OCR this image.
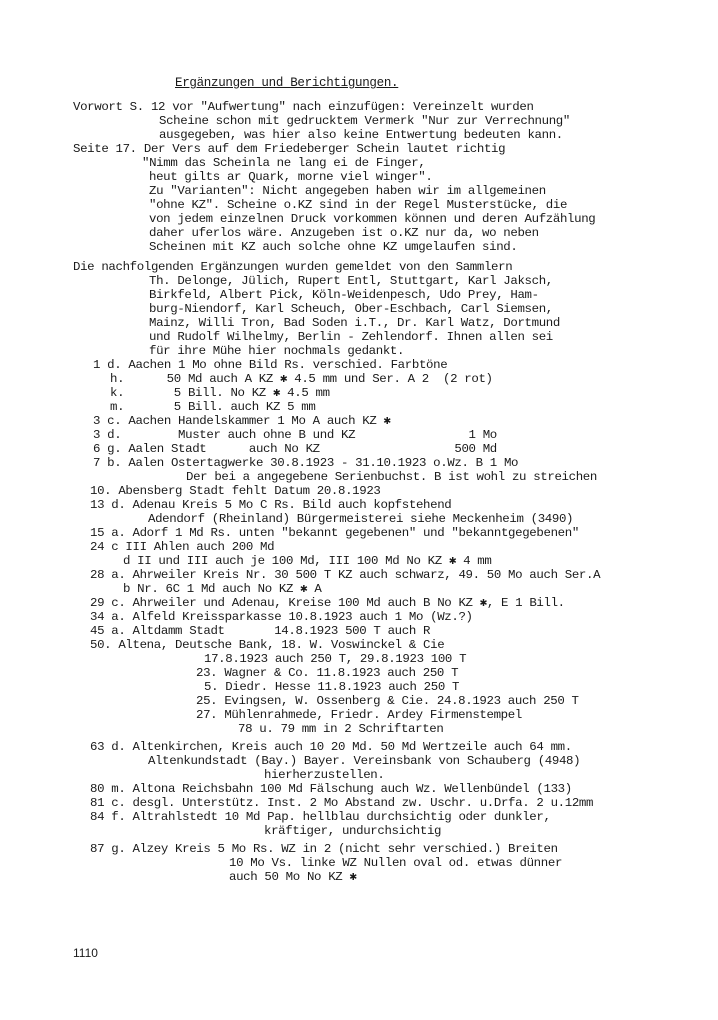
Ergänzungen und Berichtigungen.
Vorwort S. 12 vor "Aufwertung" nach einzufügen: Vereinzelt wurden
Scheine schon mit gedrucktem Vermerk "Nur zur Verrechnung"
ausgegeben, was hier also keine Entwertung bedeuten kann.
Seite 17. Der Vers auf dem Friedeberger Schein lautet richtig
"Nimm das Scheinla ne lang ei de Finger,
heut gilts ar Quark, morne viel winger".
Zu "Varianten": Nicht angegeben haben wir im allgemeinen
"ohne KZ". Scheine o.KZ sind in der Regel Musterstücke, die
von jedem einzelnen Druck vorkommen können und deren Aufzählung
daher uferlos wäre. Anzugeben ist o.KZ nur da, wo neben
Scheinen mit KZ auch solche ohne KZ umgelaufen sind.
Die nachfolgenden Ergänzungen wurden gemeldet von den Sammlern
Th. Delonge, Jülich, Rupert Entl, Stuttgart, Karl Jaksch,
Birkfeld, Albert Pick, Köln-Weidenpesch, Udo Prey, Ham-
burg-Niendorf, Karl Scheuch, Ober-Eschbach, Carl Siemsen,
Mainz, Willi Tron, Bad Soden i.T., Dr. Karl Watz, Dortmund
und Rudolf Wilhelmy, Berlin - Zehlendorf. Ihnen allen sei
für ihre Mühe hier nochmals gedankt.
1 d. Aachen 1 Mo ohne Bild Rs. verschied. Farbtöne
h.      50 Md auch A KZ ✱ 4.5 mm und Ser. A 2  (2 rot)
k.       5 Bill. No KZ ✱ 4.5 mm
m.       5 Bill. auch KZ 5 mm
3 c. Aachen Handelskammer 1 Mo A auch KZ ✱
3 d.        Muster auch ohne B und KZ                1 Mo
6 g. Aalen Stadt      auch No KZ                   500 Md
7 b. Aalen Ostertagwerke 30.8.1923 - 31.10.1923 o.Wz. B 1 Mo
Der bei a angegebene Serienbuchst. B ist wohl zu streichen
10. Abensberg Stadt fehlt Datum 20.8.1923
13 d. Adenau Kreis 5 Mo C Rs. Bild auch kopfstehend
Adendorf (Rheinland) Bürgermeisterei siehe Meckenheim (3490)
15 a. Adorf 1 Md Rs. unten "bekannt gegebenen" und "bekanntgegebenen"
24 c III Ahlen auch 200 Md
d II und III auch je 100 Md, III 100 Md No KZ ✱ 4 mm
28 a. Ahrweiler Kreis Nr. 30 500 T KZ auch schwarz, 49. 50 Mo auch Ser.A
b Nr. 6C 1 Md auch No KZ ✱ A
29 c. Ahrweiler und Adenau, Kreise 100 Md auch B No KZ ✱, E 1 Bill.
34 a. Alfeld Kreissparkasse 10.8.1923 auch 1 Mo (Wz.?)
45 a. Altdamm Stadt       14.8.1923 500 T auch R
50. Altena, Deutsche Bank, 18. W. Voswinckel & Cie
17.8.1923 auch 250 T, 29.8.1923 100 T
23. Wagner & Co. 11.8.1923 auch 250 T
5. Diedr. Hesse 11.8.1923 auch 250 T
25. Evingsen, W. Ossenberg & Cie. 24.8.1923 auch 250 T
27. Mühlenrahmede, Friedr. Ardey Firmenstempel
78 u. 79 mm in 2 Schriftarten
63 d. Altenkirchen, Kreis auch 10 20 Md. 50 Md Wertzeile auch 64 mm.
Altenkundstadt (Bay.) Bayer. Vereinsbank von Schauberg (4948)
hierherzustellen.
80 m. Altona Reichsbahn 100 Md Fälschung auch Wz. Wellenbündel (133)
81 c. desgl. Unterstütz. Inst. 2 Mo Abstand zw. Uschr. u.Drfa. 2 u.12mm
84 f. Altrahlstedt 10 Md Pap. hellblau durchsichtig oder dunkler,
kräftiger, undurchsichtig
87 g. Alzey Kreis 5 Mo Rs. WZ in 2 (nicht sehr verschied.) Breiten
10 Mo Vs. linke WZ Nullen oval od. etwas dünner
auch 50 Mo No KZ ✱
1110
